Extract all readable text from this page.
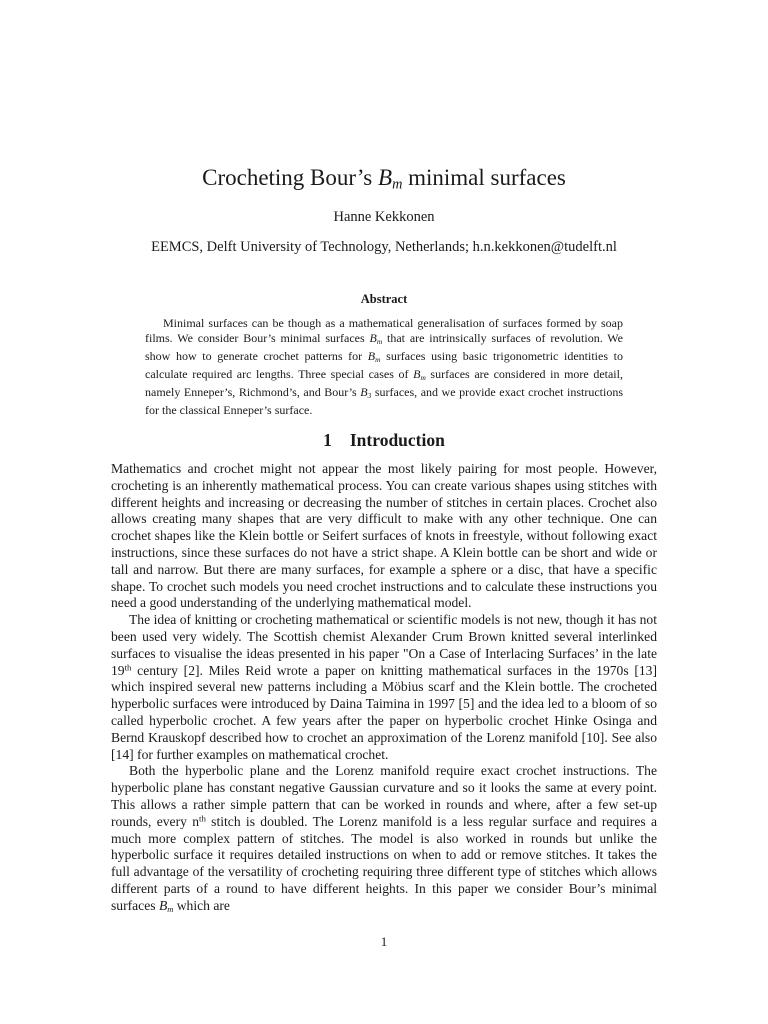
Crocheting Bour’s $B_m$ minimal surfaces
Hanne Kekkonen
EEMCS, Delft University of Technology, Netherlands; h.n.kekkonen@tudelft.nl
Abstract

Minimal surfaces can be though as a mathematical generalisation of surfaces formed by soap films. We consider Bour’s minimal surfaces $B_m$ that are intrinsically surfaces of revolution. We show how to generate crochet patterns for $B_m$ surfaces using basic trigonometric identities to calculate required arc lengths. Three special cases of $B_m$ surfaces are considered in more detail, namely Enneper’s, Richmond’s, and Bour’s $B_3$ surfaces, and we provide exact crochet instructions for the classical Enneper’s surface.

1 Introduction

Mathematics and crochet might not appear the most likely pairing for most people. However, crocheting is an inherently mathematical process. You can create various shapes using stitches with different heights and increasing or decreasing the number of stitches in certain places. Crochet also allows creating many shapes that are very difficult to make with any other technique. One can crochet shapes like the Klein bottle or Seifert surfaces of knots in freestyle, without following exact instructions, since these surfaces do not have a strict shape. A Klein bottle can be short and wide or tall and narrow. But there are many surfaces, for example a sphere or a disc, that have a specific shape. To crochet such models you need crochet instructions and to calculate these instructions you need a good understanding of the underlying mathematical model.

The idea of knitting or crocheting mathematical or scientific models is not new, though it has not been used very widely. The Scottish chemist Alexander Crum Brown knitted several interlinked surfaces to visualise the ideas presented in his paper "On a Case of Interlacing Surfaces’ in the late 19th century [2]. Miles Reid wrote a paper on knitting mathematical surfaces in the 1970s [13] which inspired several new patterns including a Möbius scarf and the Klein bottle. The crocheted hyperbolic surfaces were introduced by Daina Taimina in 1997 [5] and the idea led to a bloom of so called hyperbolic crochet. A few years after the paper on hyperbolic crochet Hinke Osinga and Bernd Krauskopf described how to crochet an approximation of the Lorenz manifold [10]. See also [14] for further examples on mathematical crochet.

Both the hyperbolic plane and the Lorenz manifold require exact crochet instructions. The hyperbolic plane has constant negative Gaussian curvature and so it looks the same at every point. This allows a rather simple pattern that can be worked in rounds and where, after a few set-up rounds, every $n^{th}$ stitch is doubled. The Lorenz manifold is a less regular surface and requires a much more complex pattern of stitches. The model is also worked in rounds but unlike the hyperbolic surface it requires detailed instructions on when to add or remove stitches. It takes the full advantage of the versatility of crocheting requiring three different type of stitches which allows different parts of a round to have different heights. In this paper we consider Bour’s minimal surfaces $B_m$ which are

1
